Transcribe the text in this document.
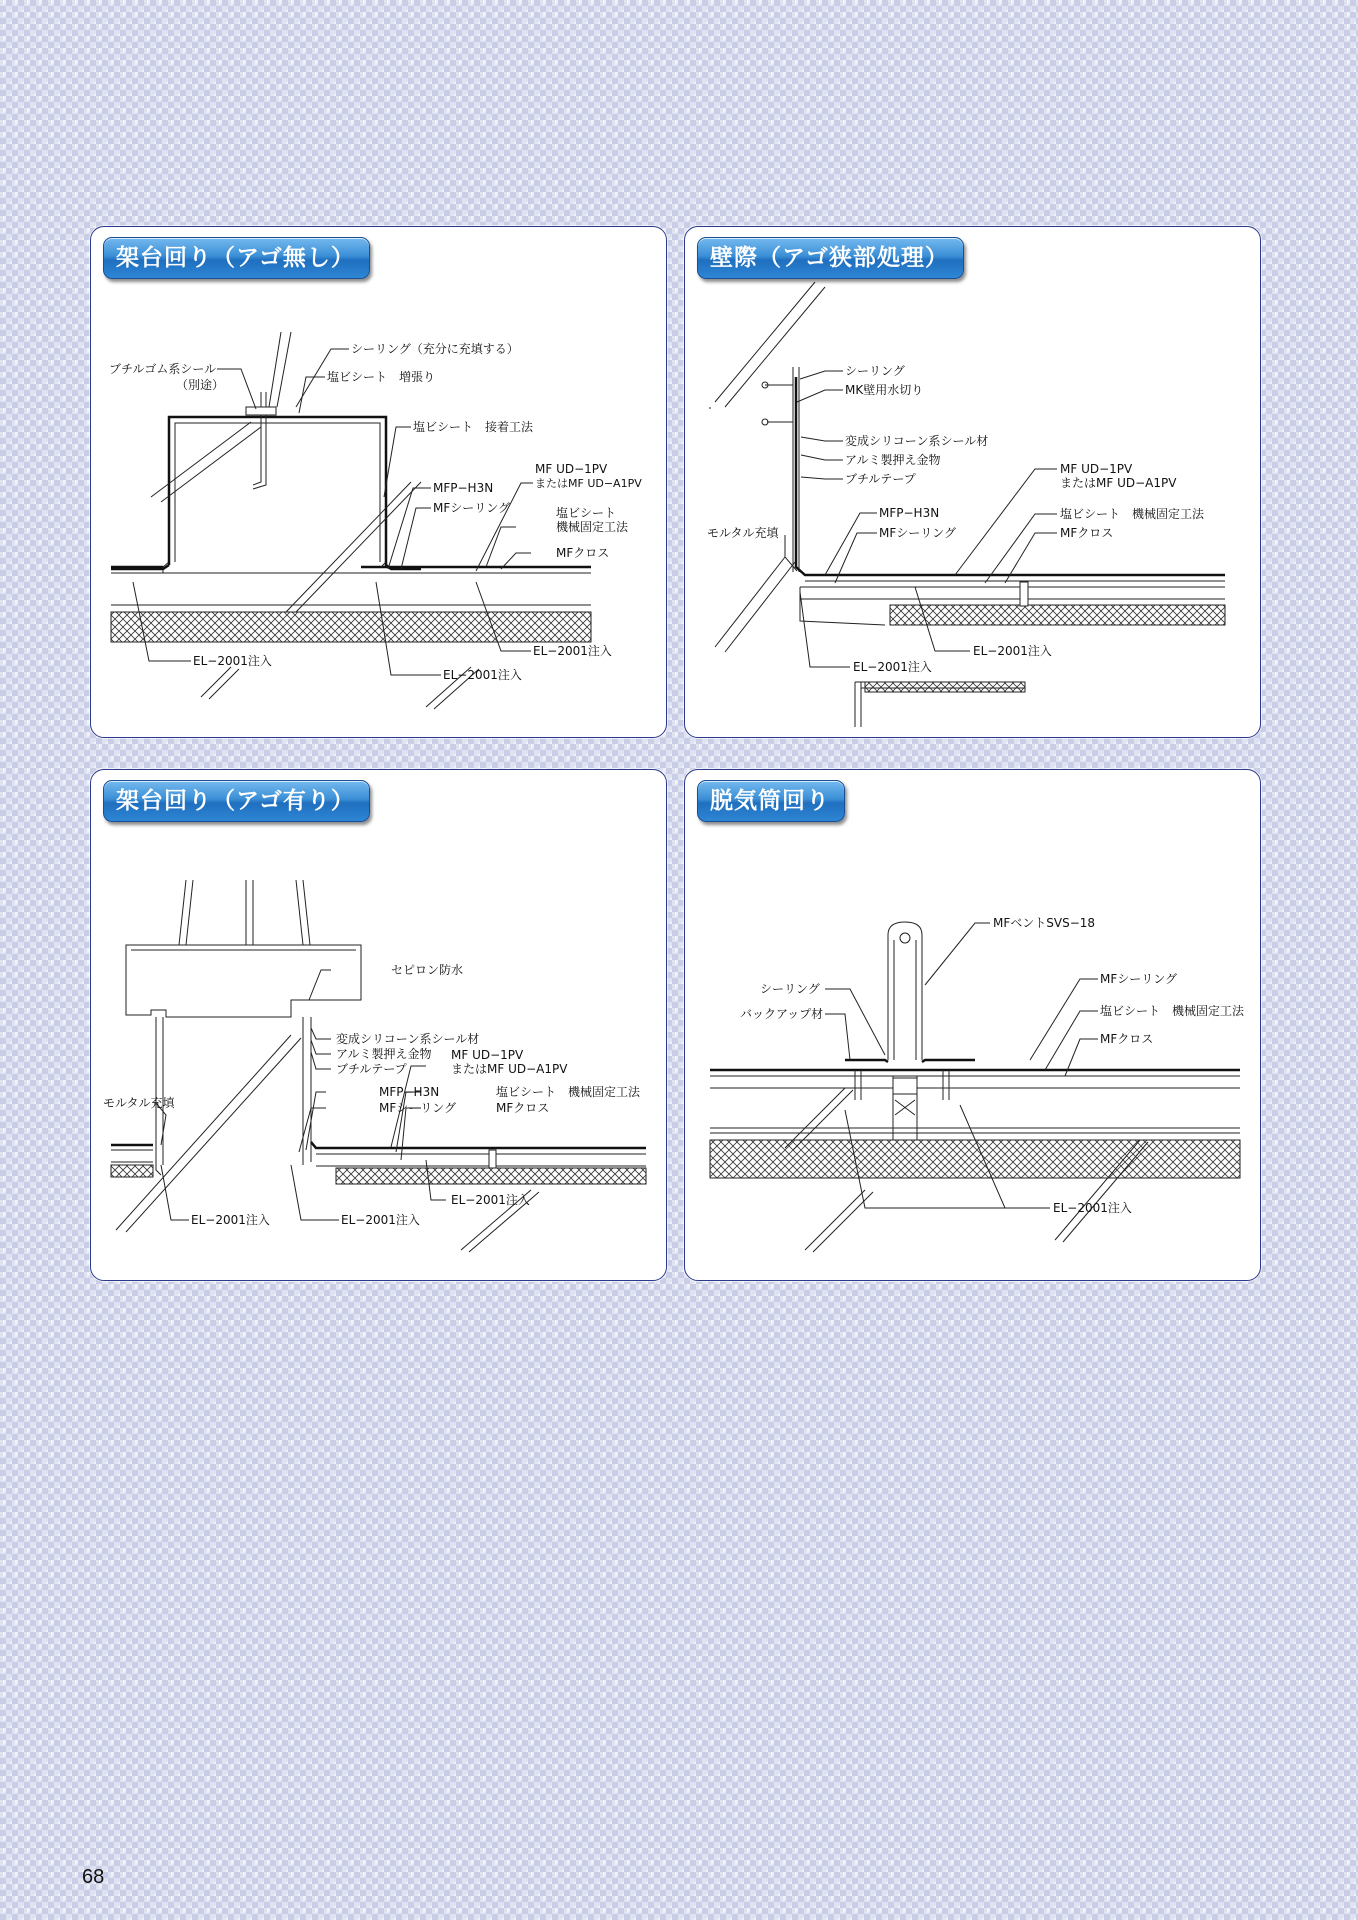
架台回り（アゴ無し）
ブチルゴム系シール
（別途）
シーリング（充分に充填する）
塩ビシート　増張り
塩ビシート　接着工法
MFP−H3N
MFシーリング
MF UD−1PV
またはMF UD−A1PV
塩ビシート
機械固定工法
MFクロス
EL−2001注入
EL−2001注入
EL−2001注入
壁際（アゴ狭部処理）
シーリング
MK壁用水切り
変成シリコーン系シール材
アルミ製押え金物
ブチルテープ
MF UD−1PV
またはMF UD−A1PV
MFP−H3N	塩ビシート　機械固定工法
モルタル充填	MFシーリング	MFクロス
EL−2001注入
EL−2001注入
架台回り（アゴ有り）
セピロン防水
変成シリコーン系シール材
アルミ製押え金物
ブチルテープ
MF UD−1PV
またはMF UD−A1PV
MFP−H3N	塩ビシート　機械固定工法
MFシーリング	MFクロス
モルタル充填
EL−2001注入
EL−2001注入	EL−2001注入
脱気筒回り
MFベントSVS−18
シーリング
バックアップ材
MFシーリング
塩ビシート　機械固定工法
MFクロス
EL−2001注入
68
